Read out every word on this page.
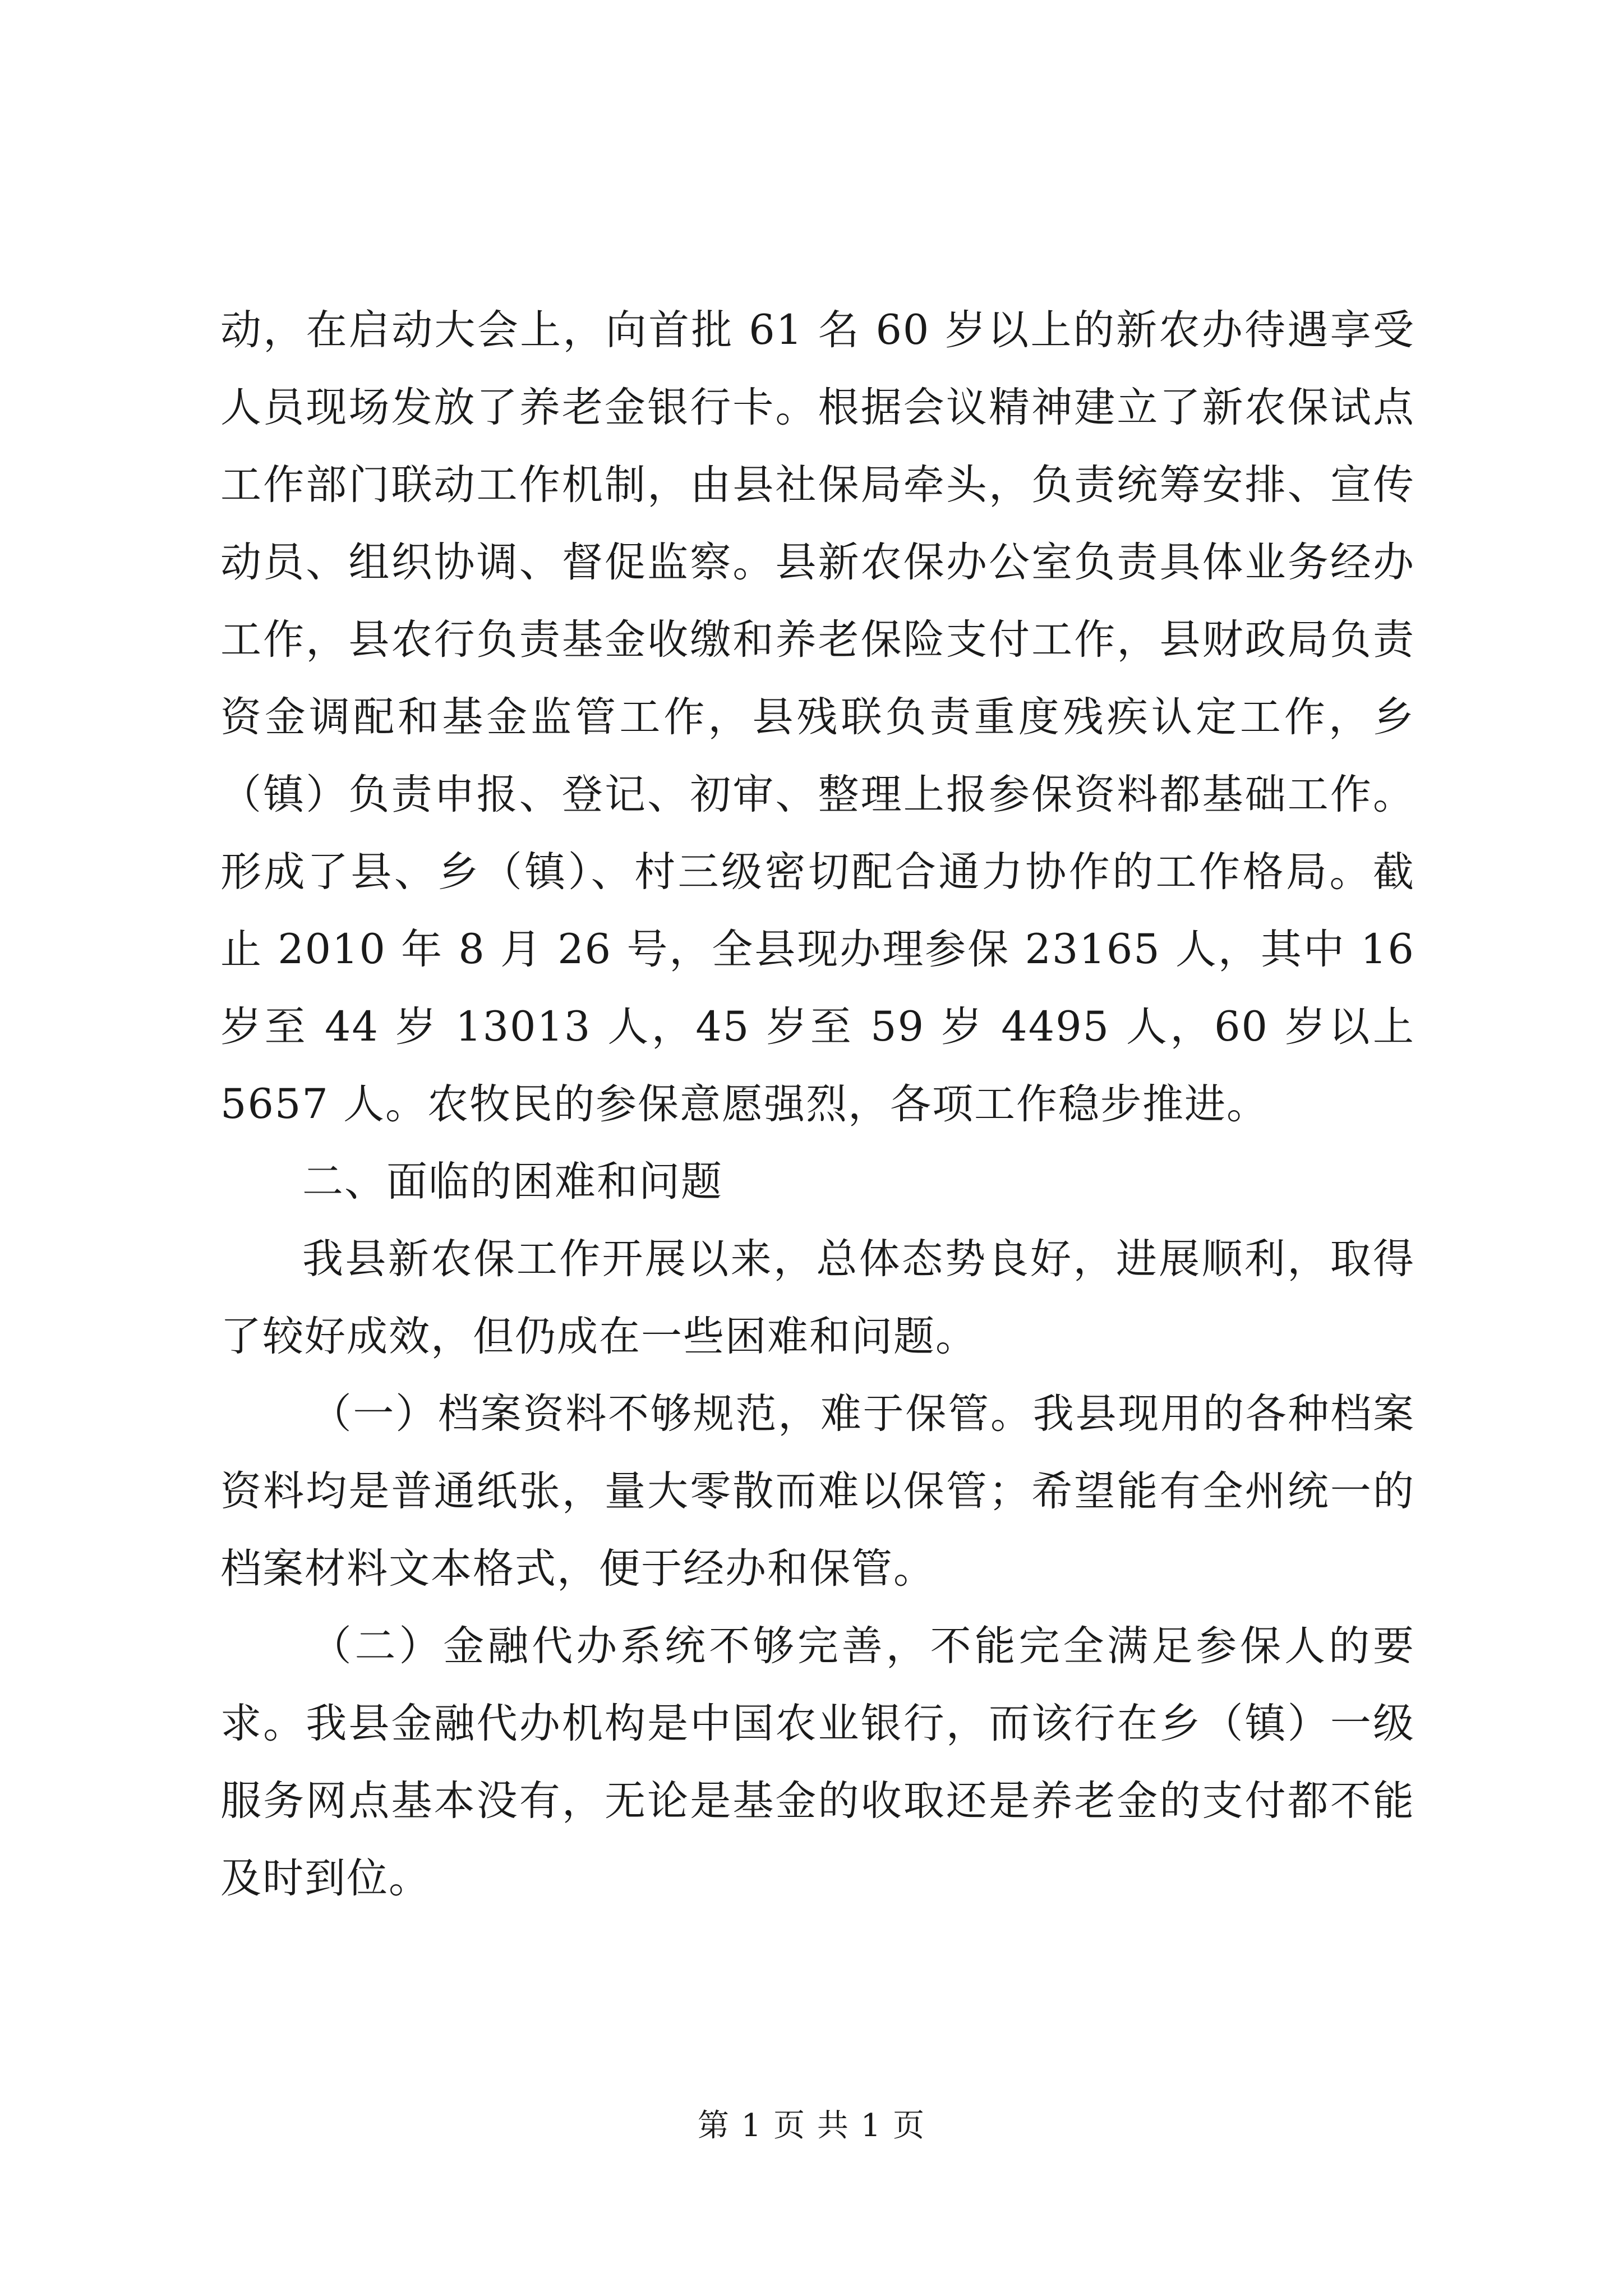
动，在启动大会上，向首批 61 名 60 岁以上的新农办待遇享受人员现场发放了养老金银行卡。根据会议精神建立了新农保试点工作部门联动工作机制，由县社保局牵头，负责统筹安排、宣传动员、组织协调、督促监察。县新农保办公室负责具体业务经办工作，县农行负责基金收缴和养老保险支付工作，县财政局负责资金调配和基金监管工作，县残联负责重度残疾认定工作，乡（镇）负责申报、登记、初审、整理上报参保资料都基础工作。形成了县、乡（镇）、村三级密切配合通力协作的工作格局。截止 2010 年 8 月 26 号，全县现办理参保 23165 人，其中 16 岁至 44 岁 13013 人，45 岁至 59 岁 4495 人，60 岁以上 5657 人。农牧民的参保意愿强烈，各项工作稳步推进。

二、面临的困难和问题

我县新农保工作开展以来，总体态势良好，进展顺利，取得了较好成效，但仍成在一些困难和问题。

（一）档案资料不够规范，难于保管。我县现用的各种档案资料均是普通纸张，量大零散而难以保管；希望能有全州统一的档案材料文本格式，便于经办和保管。

（二）金融代办系统不够完善，不能完全满足参保人的要求。我县金融代办机构是中国农业银行，而该行在乡（镇）一级服务网点基本没有，无论是基金的收取还是养老金的支付都不能及时到位。

第 1 页 共 1 页
